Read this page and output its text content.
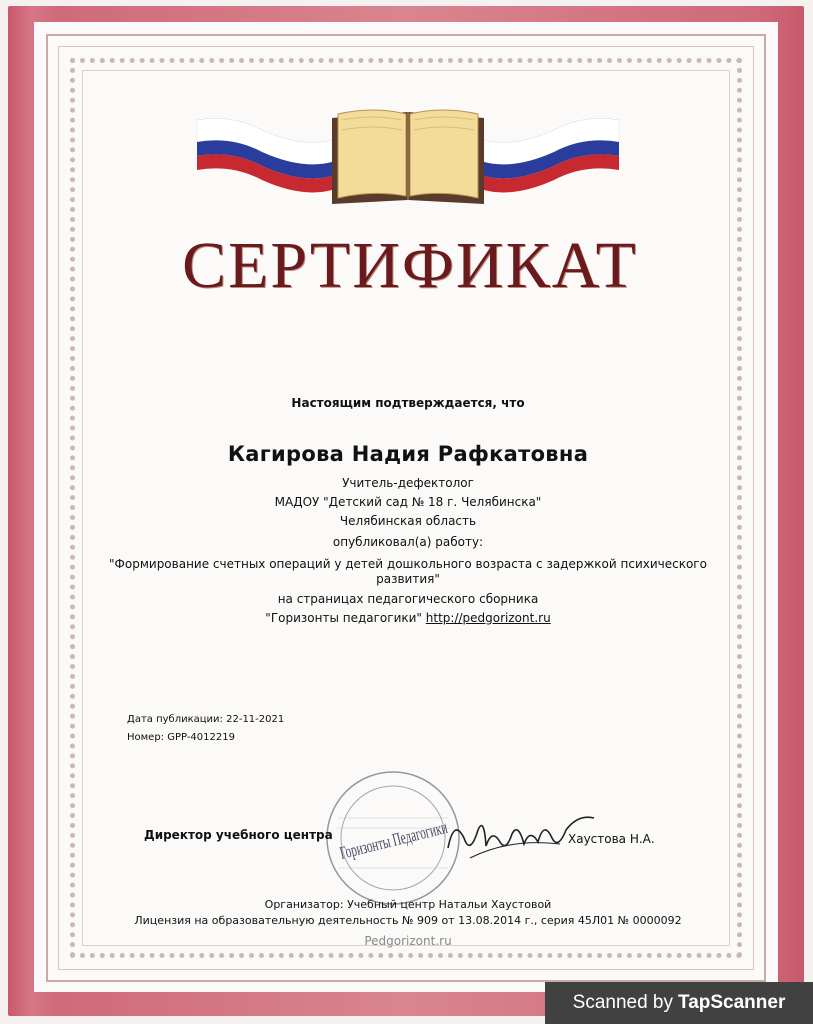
СЕРТИФИКАТ
Настоящим подтверждается, что
Кагирова Надия Рафкатовна
Учитель-дефектолог
МАДОУ "Детский сад № 18 г. Челябинска"
Челябинская область
опубликовал(а) работу:
"Формирование счетных операций у детей дошкольного возраста с задержкой психического развития"
на страницах педагогического сборника
"Горизонты педагогики" http://pedgorizont.ru
Дата публикации: 22-11-2021
Номер: GPP-4012219
Горизонты Педагогики
Директор учебного центра	Хаустова Н.А.
Организатор: Учебный центр Натальи Хаустовой
Лицензия на образовательную деятельность № 909 от 13.08.2014 г., серия 45Л01 № 0000092
Pedgorizont.ru
Scanned by TapScanner
